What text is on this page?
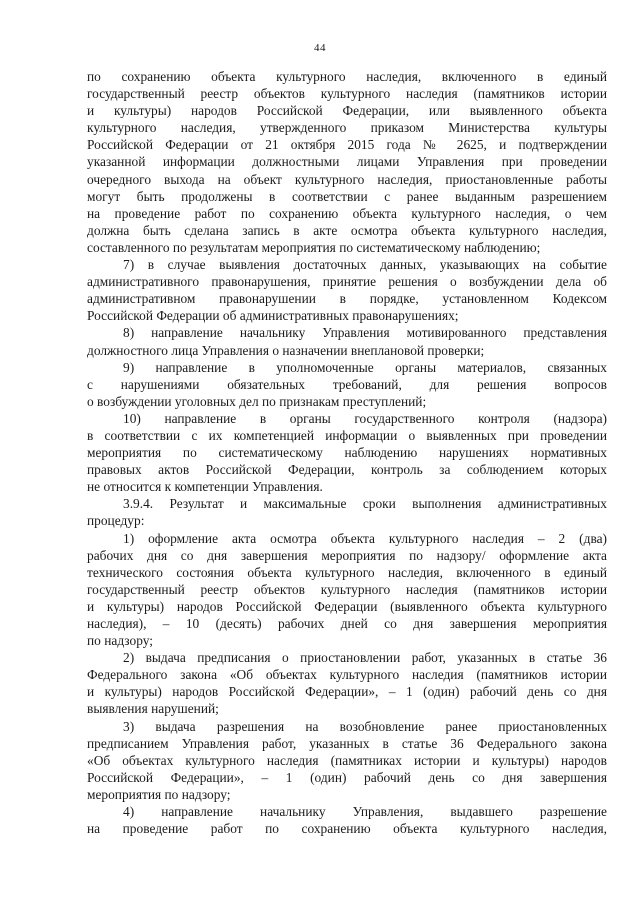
44
по сохранению объекта культурного наследия, включенного в единый
государственный реестр объектов культурного наследия (памятников истории
и культуры) народов Российской Федерации, или выявленного объекта
культурного наследия, утвержденного приказом Министерства культуры
Российской Федерации от 21 октября 2015 года № 2625, и подтверждении
указанной информации должностными лицами Управления при проведении
очередного выхода на объект культурного наследия, приостановленные работы
могут быть продолжены в соответствии с ранее выданным разрешением
на проведение работ по сохранению объекта культурного наследия, о чем
должна быть сделана запись в акте осмотра объекта культурного наследия,
составленного по результатам мероприятия по систематическому наблюдению;
7) в случае выявления достаточных данных, указывающих на событие
административного правонарушения, принятие решения о возбуждении дела об
административном правонарушении в порядке, установленном Кодексом
Российской Федерации об административных правонарушениях;
8) направление начальнику Управления мотивированного представления
должностного лица Управления о назначении внеплановой проверки;
9) направление в уполномоченные органы материалов, связанных
с нарушениями обязательных требований, для решения вопросов
о возбуждении уголовных дел по признакам преступлений;
10) направление в органы государственного контроля (надзора)
в соответствии с их компетенцией информации о выявленных при проведении
мероприятия по систематическому наблюдению нарушениях нормативных
правовых актов Российской Федерации, контроль за соблюдением которых
не относится к компетенции Управления.
3.9.4. Результат и максимальные сроки выполнения административных
процедур:
1) оформление акта осмотра объекта культурного наследия – 2 (два)
рабочих дня со дня завершения мероприятия по надзору/ оформление акта
технического состояния объекта культурного наследия, включенного в единый
государственный реестр объектов культурного наследия (памятников истории
и культуры) народов Российской Федерации (выявленного объекта культурного
наследия), – 10 (десять) рабочих дней со дня завершения мероприятия
по надзору;
2) выдача предписания о приостановлении работ, указанных в статье 36
Федерального закона «Об объектах культурного наследия (памятников истории
и культуры) народов Российской Федерации», – 1 (один) рабочий день со дня
выявления нарушений;
3) выдача разрешения на возобновление ранее приостановленных
предписанием Управления работ, указанных в статье 36 Федерального закона
«Об объектах культурного наследия (памятниках истории и культуры) народов
Российской Федерации», – 1 (один) рабочий день со дня завершения
мероприятия по надзору;
4) направление начальнику Управления, выдавшего разрешение
на проведение работ по сохранению объекта культурного наследия,
